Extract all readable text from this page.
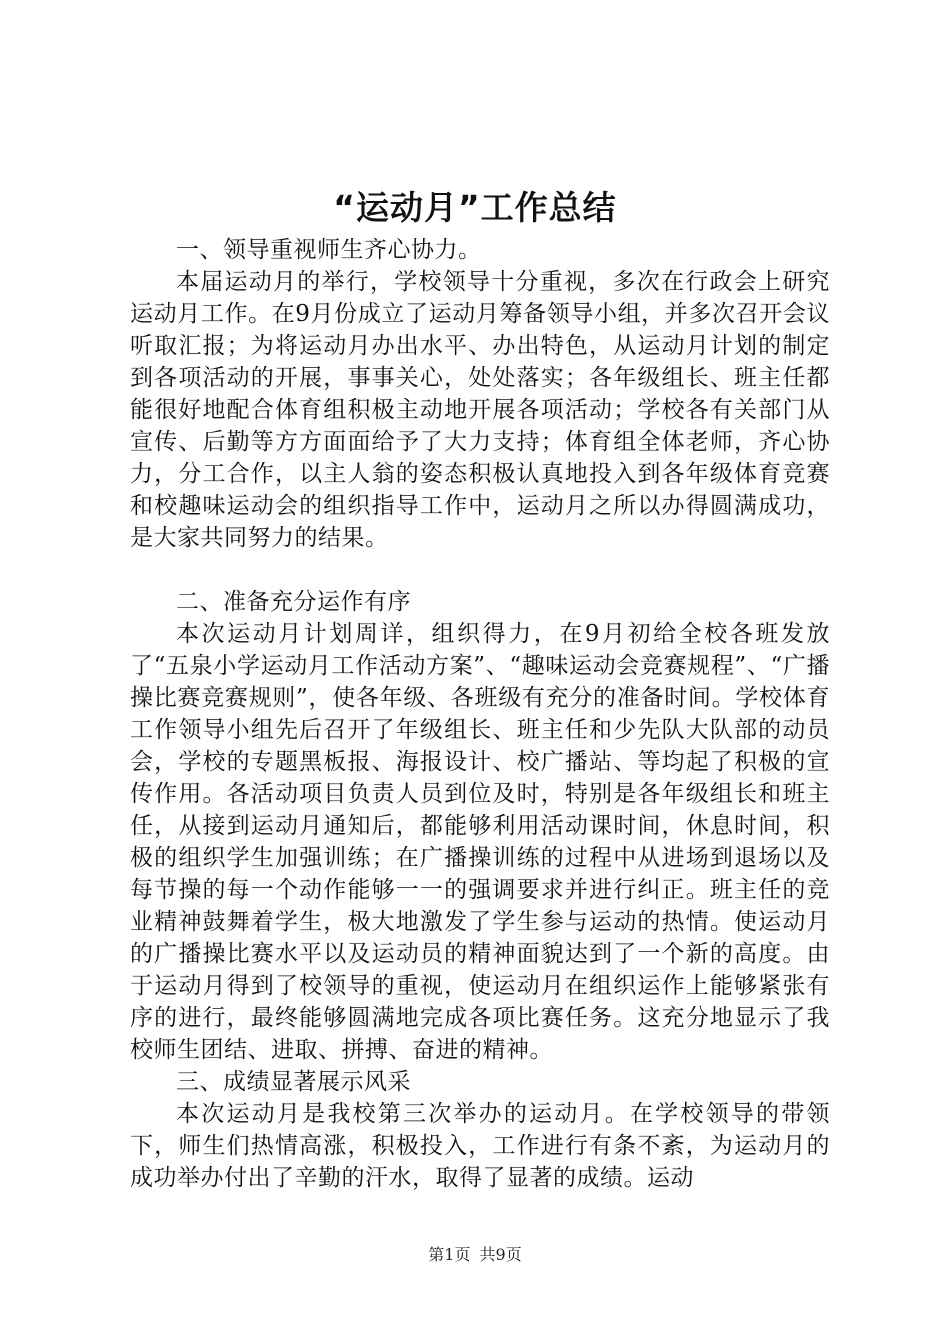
“运动月”工作总结

一、领导重视师生齐心协力。

本届运动月的举行，学校领导十分重视，多次在行政会上研究运动月工作。在9月份成立了运动月筹备领导小组，并多次召开会议听取汇报；为将运动月办出水平、办出特色，从运动月计划的制定到各项活动的开展，事事关心，处处落实；各年级组长、班主任都能很好地配合体育组积极主动地开展各项活动；学校各有关部门从宣传、后勤等方方面面给予了大力支持；体育组全体老师，齐心协力，分工合作，以主人翁的姿态积极认真地投入到各年级体育竞赛和校趣味运动会的组织指导工作中，运动月之所以办得圆满成功，是大家共同努力的结果。

二、准备充分运作有序

本次运动月计划周详，组织得力，在9月初给全校各班发放了“五泉小学运动月工作活动方案”、“趣味运动会竞赛规程”、“广播操比赛竞赛规则”，使各年级、各班级有充分的准备时间。学校体育工作领导小组先后召开了年级组长、班主任和少先队大队部的动员会，学校的专题黑板报、海报设计、校广播站、等均起了积极的宣传作用。各活动项目负责人员到位及时，特别是各年级组长和班主任，从接到运动月通知后，都能够利用活动课时间，休息时间，积极的组织学生加强训练；在广播操训练的过程中从进场到退场以及每节操的每一个动作能够一一的强调要求并进行纠正。班主任的竞业精神鼓舞着学生，极大地激发了学生参与运动的热情。使运动月的广播操比赛水平以及运动员的精神面貌达到了一个新的高度。由于运动月得到了校领导的重视，使运动月在组织运作上能够紧张有序的进行，最终能够圆满地完成各项比赛任务。这充分地显示了我校师生团结、进取、拼搏、奋进的精神。

三、成绩显著展示风采

本次运动月是我校第三次举办的运动月。在学校领导的带领下，师生们热情高涨，积极投入，工作进行有条不紊，为运动月的成功举办付出了辛勤的汗水，取得了显著的成绩。运动

第1页 共9页
